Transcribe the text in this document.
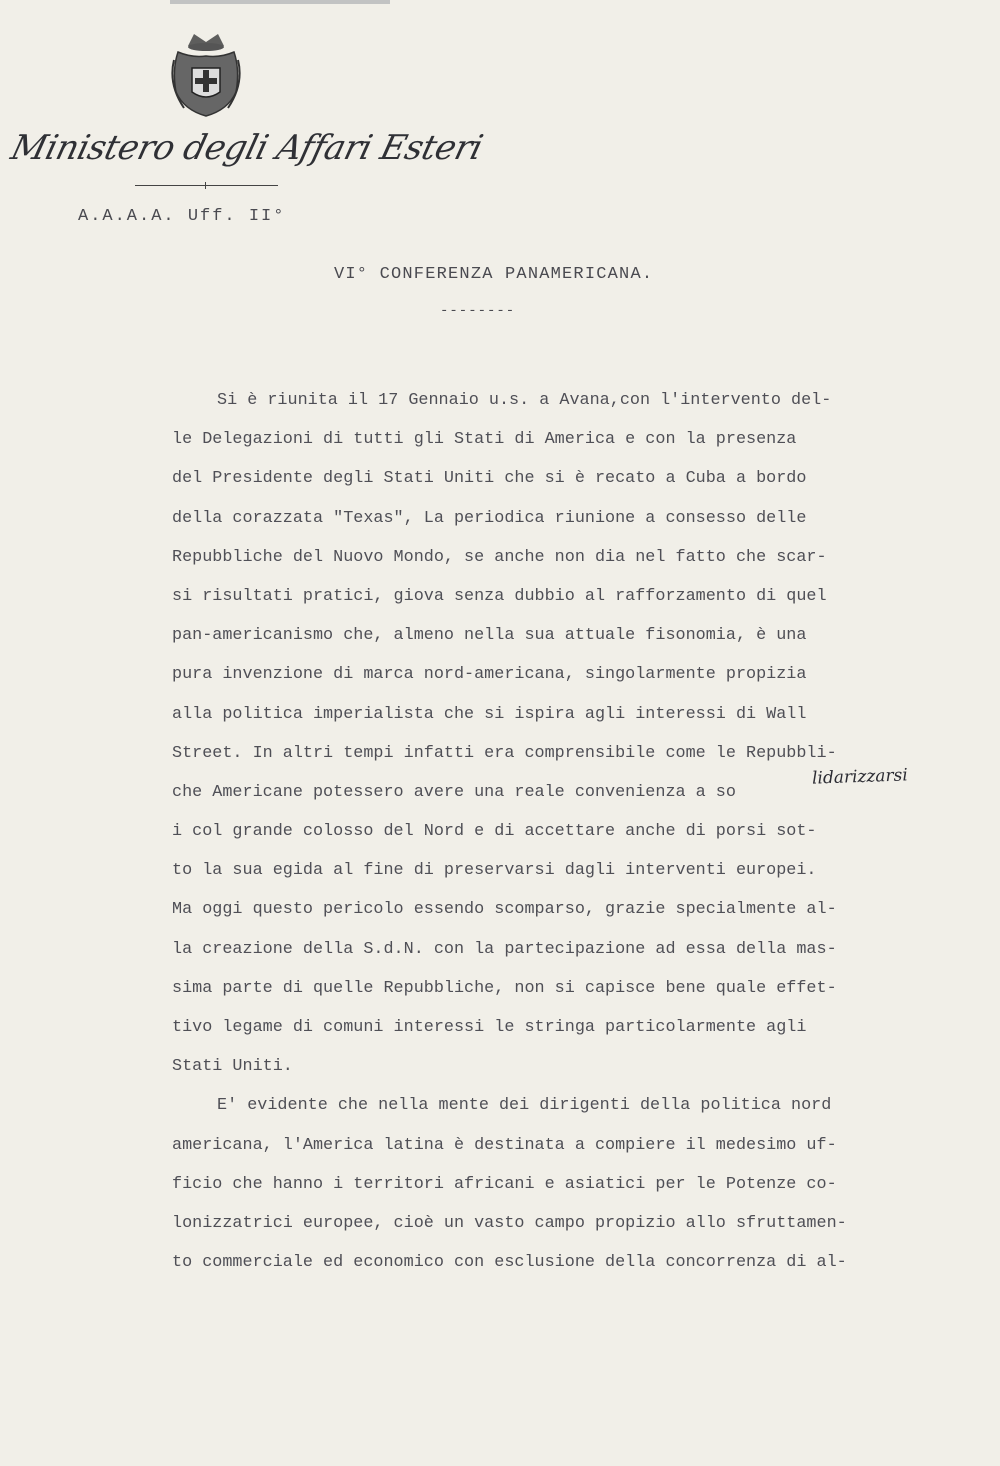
Ministero degli Affari Esteri
A.A.A.A. Uff. II°
VI° CONFERENZA PANAMERICANA.
--------
Si è riunita il 17 Gennaio u.s. a Avana,con l'intervento del-
le Delegazioni di tutti gli Stati di America e con la presenza
del Presidente degli Stati Uniti che si è recato a Cuba a bordo
della corazzata "Texas", La periodica riunione a consesso delle
Repubbliche del Nuovo Mondo, se anche non dia nel fatto che scar-
si risultati pratici, giova senza dubbio al rafforzamento di quel
pan-americanismo che, almeno nella sua attuale fisonomia, è una
pura invenzione di marca nord-americana, singolarmente propizia
alla politica imperialista che si ispira agli interessi di Wall
Street. In altri tempi infatti era comprensibile come le Repubbli-
che Americane potessero avere una reale convenienza a so
i col grande colosso del Nord e di accettare anche di porsi sot-
to la sua egida al fine di preservarsi dagli interventi europei.
Ma oggi questo pericolo essendo scomparso, grazie specialmente al-
la creazione della S.d.N. con la partecipazione ad essa della mas-
sima parte di quelle Repubbliche, non si capisce bene quale effet-
tivo legame di comuni interessi le stringa particolarmente agli
Stati Uniti.
E' evidente che nella mente dei dirigenti della politica nord
americana, l'America latina è destinata a compiere il medesimo uf-
ficio che hanno i territori africani e asiatici per le Potenze co-
lonizzatrici europee, cioè un vasto campo propizio allo sfruttamen-
to commerciale ed economico con esclusione della concorrenza di al-
lidarizzarsi
